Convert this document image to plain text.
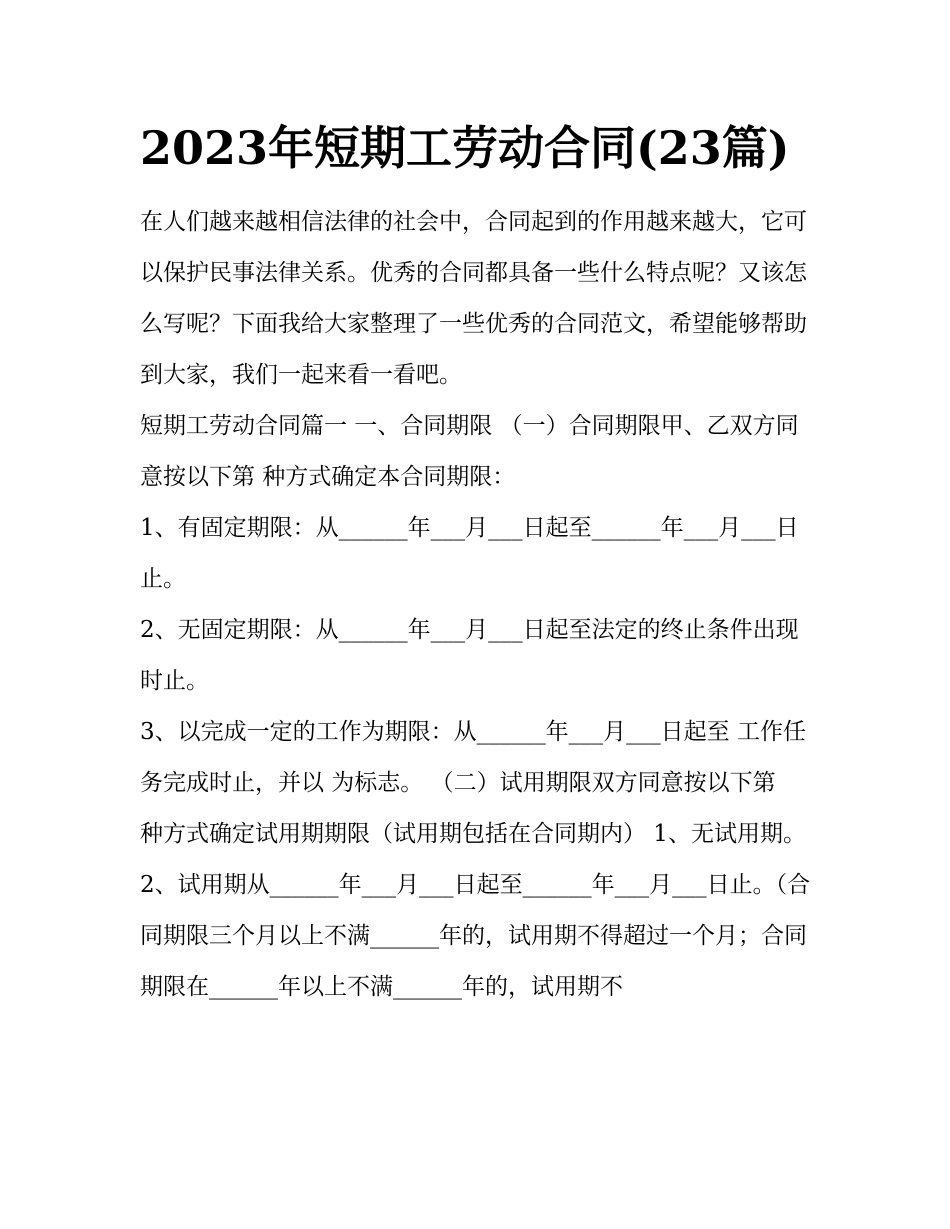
2023年短期工劳动合同(23篇)

在人们越来越相信法律的社会中，合同起到的作用越来越大，它可以保护民事法律关系。优秀的合同都具备一些什么特点呢？又该怎么写呢？下面我给大家整理了一些优秀的合同范文，希望能够帮助到大家，我们一起来看一看吧。

短期工劳动合同篇一 一、合同期限 （一）合同期限甲、乙双方同意按以下第 种方式确定本合同期限：

1、有固定期限：从______年___月___日起至______年___月___日止。

2、无固定期限：从______年___月___日起至法定的终止条件出现时止。

3、以完成一定的工作为期限：从______年___月___日起至 工作任务完成时止，并以 为标志。 （二）试用期限双方同意按以下第

种方式确定试用期期限（试用期包括在合同期内） 1、无试用期。

2、试用期从______年___月___日起至______年___月___日止。（合同期限三个月以上不满______年的，试用期不得超过一个月；合同期限在______年以上不满______年的，试用期不
